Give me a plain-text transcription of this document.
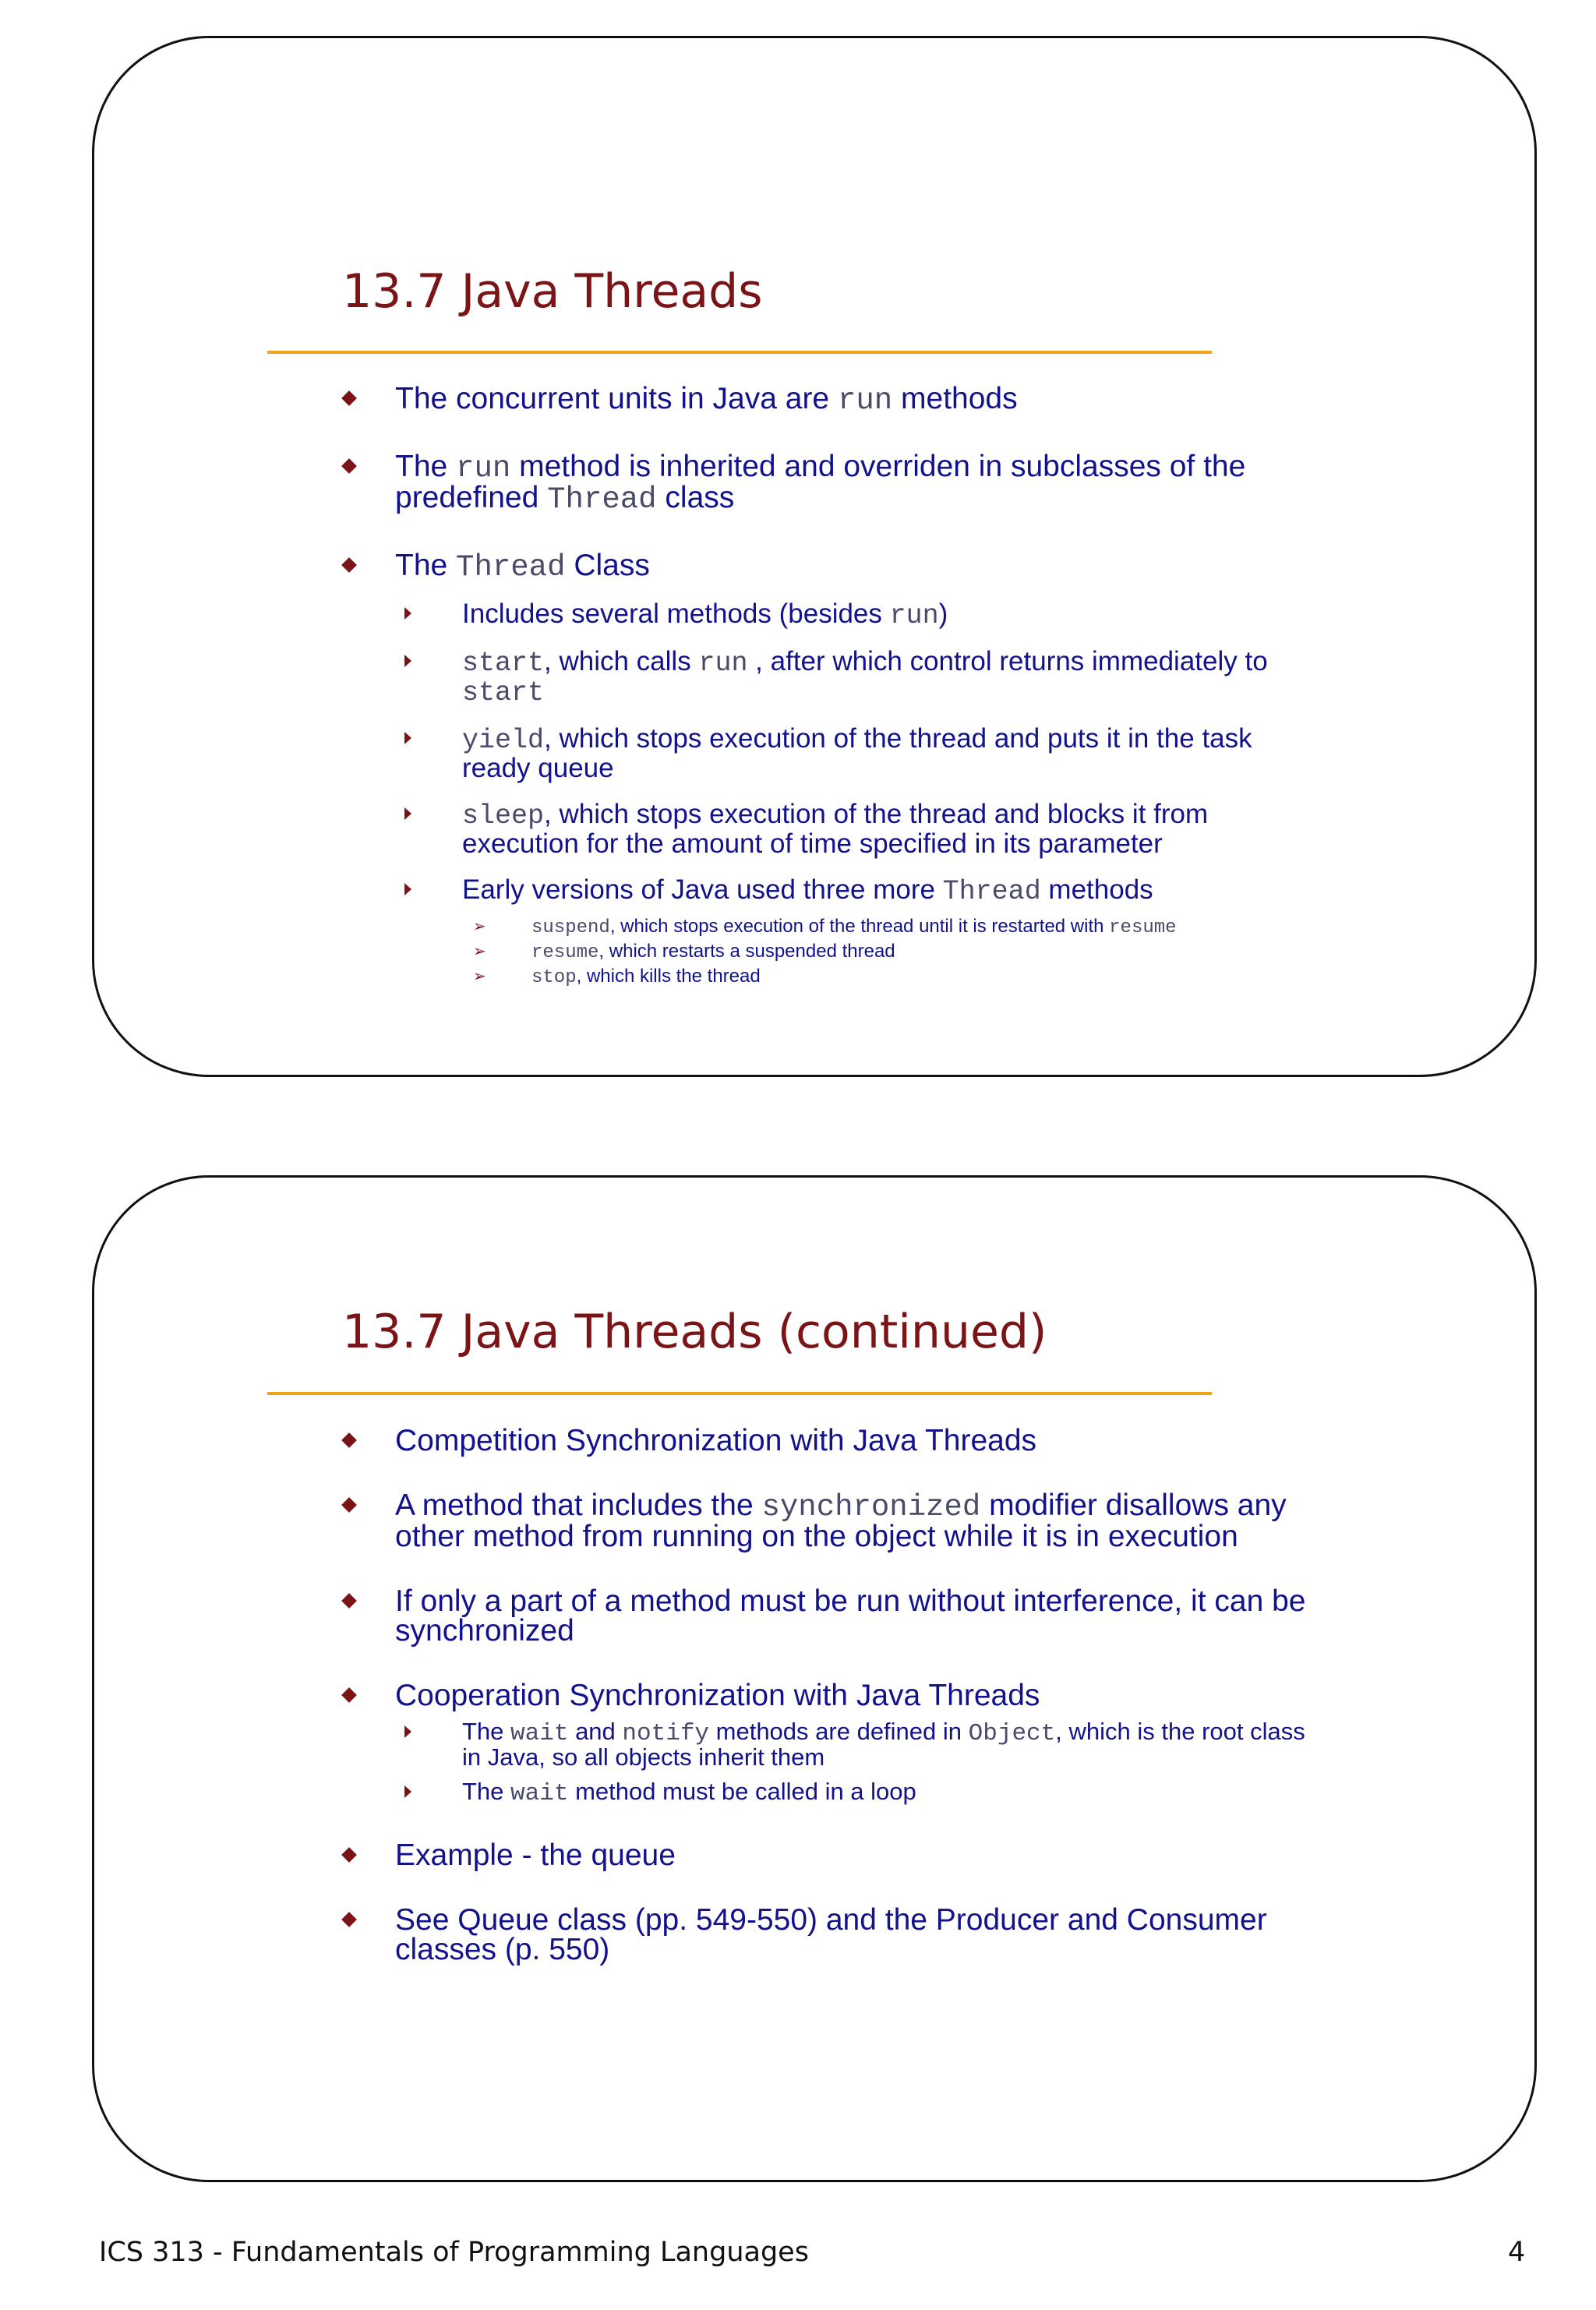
13.7 Java Threads
The concurrent units in Java are run methods
The run method is inherited and overriden in subclasses of the predefined Thread class
The Thread Class
Includes several methods (besides run)
start, which calls run , after which control returns immediately to start
yield, which stops execution of the thread and puts it in the task ready queue
sleep, which stops execution of the thread and blocks it from execution for the amount of time specified in its parameter
Early versions of Java used three more Thread methods
➢ suspend, which stops execution of the thread until it is restarted with resume
➢ resume, which restarts a suspended thread
➢ stop, which kills the thread
13.7 Java Threads (continued)
Competition Synchronization with Java Threads
A method that includes the synchronized modifier disallows any other method from running on the object while it is in execution
If only a part of a method must be run without interference, it can be synchronized
Cooperation Synchronization with Java Threads
The wait and notify methods are defined in Object, which is the root class in Java, so all objects inherit them
The wait method must be called in a loop
Example - the queue
See Queue class (pp. 549-550) and the Producer and Consumer classes (p. 550)
ICS 313 - Fundamentals of Programming Languages	4
